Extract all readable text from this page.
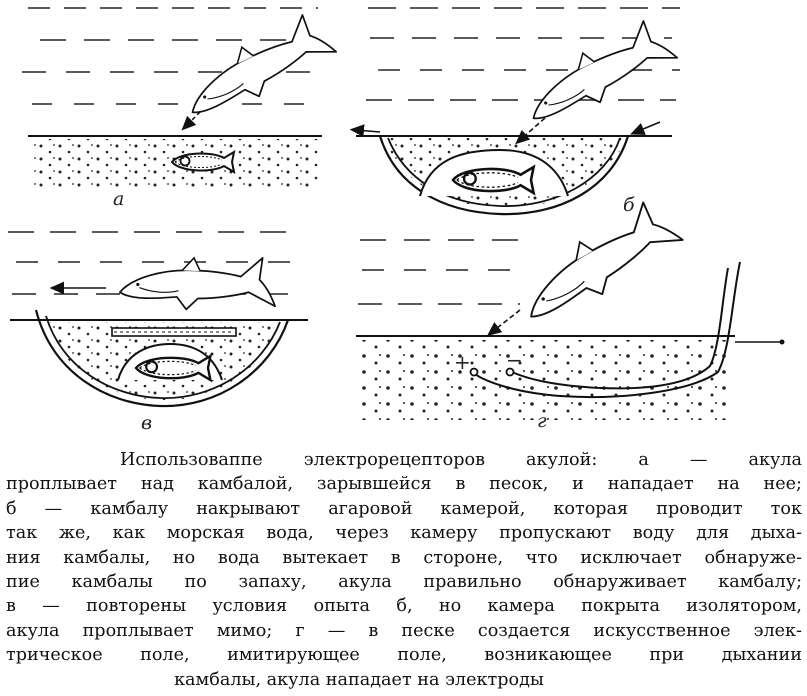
а	б
в	г
+ −
Использоваппе электрорецепторов акулой: а — акула
проплывает над камбалой, зарывшейся в песок, и нападает на нее;
б — камбалу накрывают агаровой камерой, которая проводит ток
так же, как морская вода, через камеру пропускают воду для дыха-
ния камбалы, но вода вытекает в стороне, что исключает обнаруже-
пие камбалы по запаху, акула правильно обнаруживает камбалу;
в — повторены условия опыта б, но камера покрыта изолятором,
акула проплывает мимо; г — в песке создается искусственное элек-
трическое поле, имитирующее поле, возникающее при дыхании
камбалы, акула нападает на электроды
